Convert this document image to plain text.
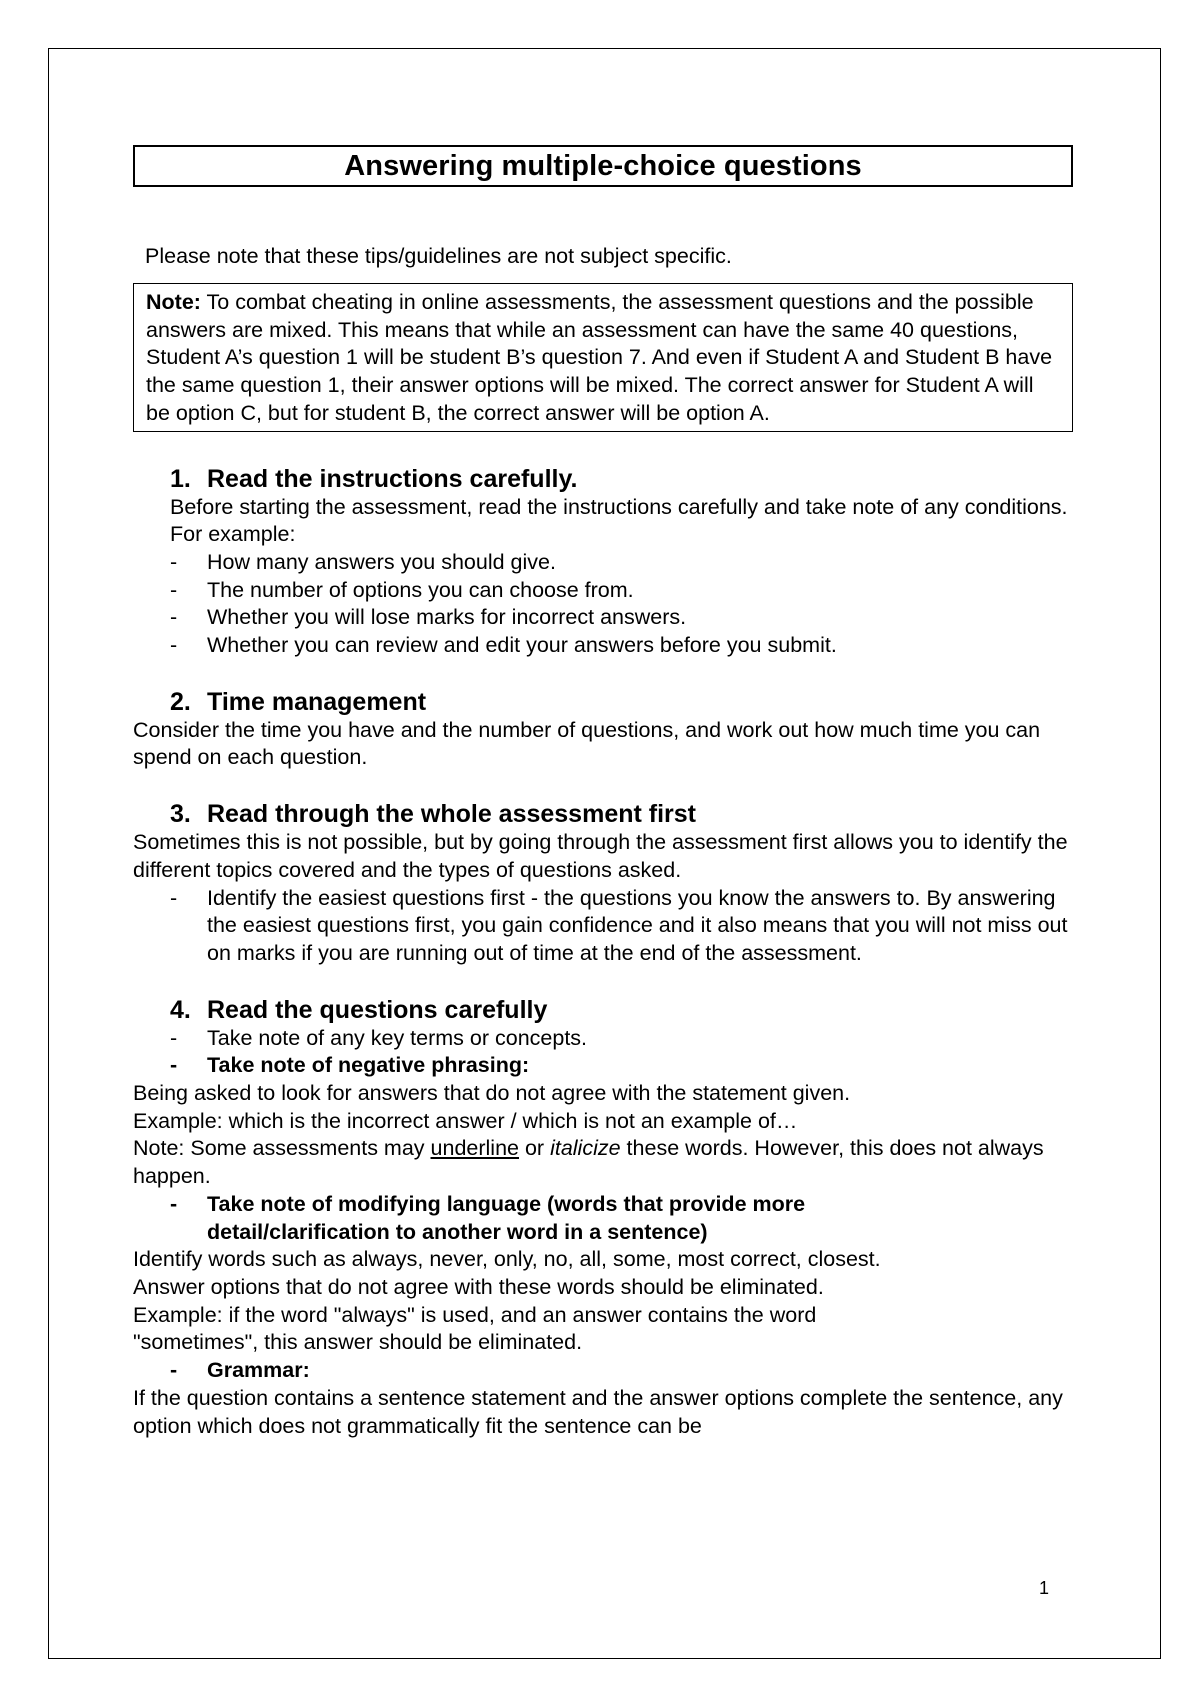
Answering multiple-choice questions
Please note that these tips/guidelines are not subject specific.
Note: To combat cheating in online assessments, the assessment questions and the possible answers are mixed. This means that while an assessment can have the same 40 questions, Student A’s question 1 will be student B’s question 7. And even if Student A and Student B have the same question 1, their answer options will be mixed. The correct answer for Student A will be option C, but for student B, the correct answer will be option A.
1. Read the instructions carefully.
Before starting the assessment, read the instructions carefully and take note of any conditions. For example:
-	How many answers you should give.
-	The number of options you can choose from.
-	Whether you will lose marks for incorrect answers.
-	Whether you can review and edit your answers before you submit.
2. Time management
Consider the time you have and the number of questions, and work out how much time you can spend on each question.
3. Read through the whole assessment first
Sometimes this is not possible, but by going through the assessment first allows you to identify the different topics covered and the types of questions asked.
-	Identify the easiest questions first - the questions you know the answers to. By answering the easiest questions first, you gain confidence and it also means that you will not miss out on marks if you are running out of time at the end of the assessment.
4. Read the questions carefully
-	Take note of any key terms or concepts.
-	Take note of negative phrasing:
Being asked to look for answers that do not agree with the statement given.
Example: which is the incorrect answer / which is not an example of…
Note: Some assessments may underline or italicize these words. However, this does not always happen.
-	Take note of modifying language (words that provide more detail/clarification to another word in a sentence)
Identify words such as always, never, only, no, all, some, most correct, closest.
Answer options that do not agree with these words should be eliminated.
Example: if the word "always" is used, and an answer contains the word "sometimes", this answer should be eliminated.
-	Grammar:
If the question contains a sentence statement and the answer options complete the sentence, any option which does not grammatically fit the sentence can be
1
